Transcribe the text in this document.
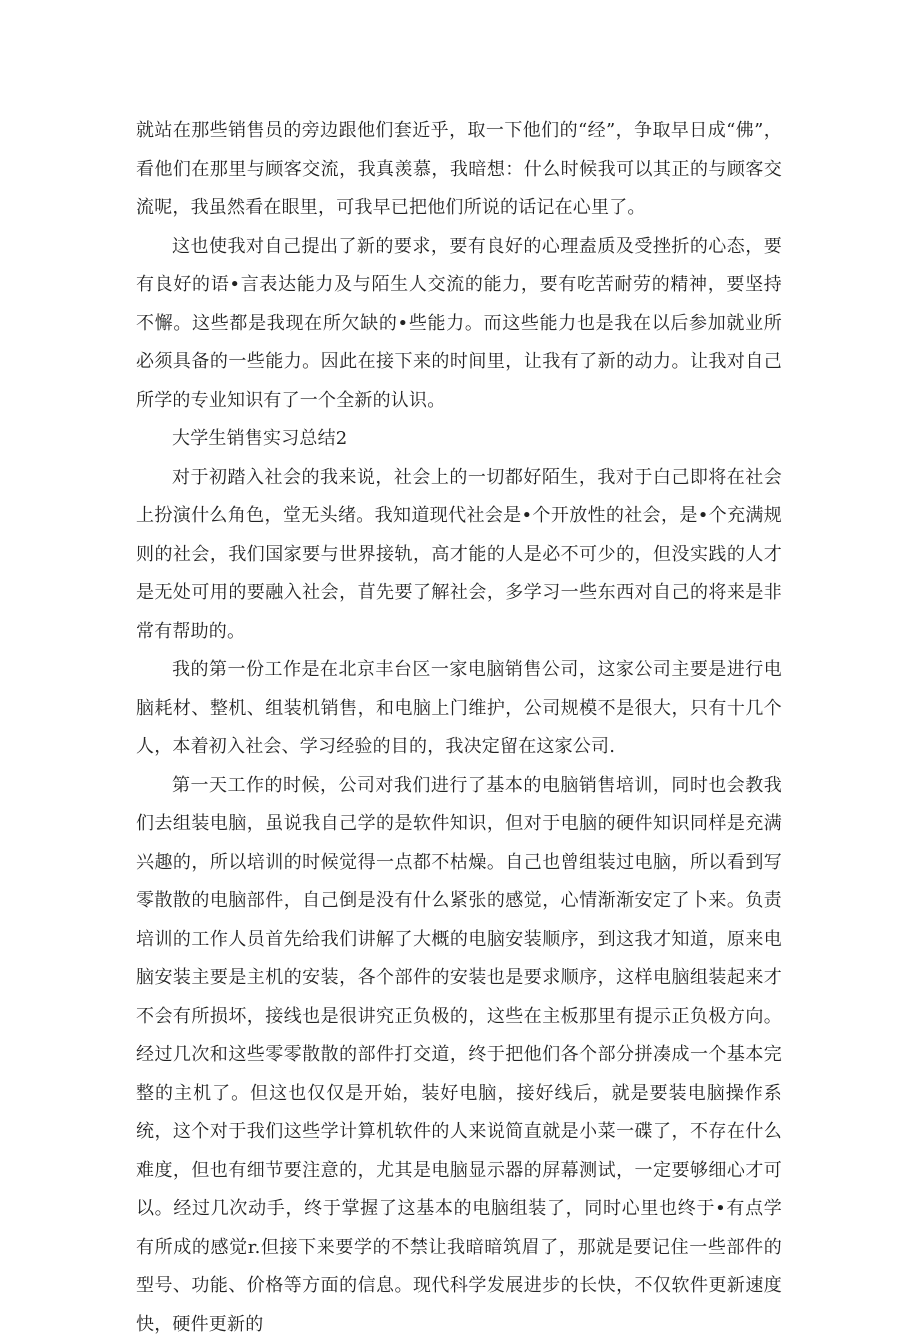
就站在那些销售员的旁边跟他们套近乎，取一下他们的“经”，争取早日成“佛”，看他们在那里与顾客交流，我真羡慕，我暗想：什么时候我可以其正的与顾客交流呢，我虽然看在眼里，可我早已把他们所说的话记在心里了。

这也使我对自己提出了新的要求，要有良好的心理盍质及受挫折的心态，要有良好的语•言表达能力及与陌生人交流的能力，要有吃苦耐劳的精神，要坚持不懈。这些都是我现在所欠缺的•些能力。而这些能力也是我在以后参加就业所必须具备的一些能力。因此在接下来的时间里，让我有了新的动力。让我对自己所学的专业知识有了一个全新的认识。

大学生销售实习总结2

对于初踏入社会的我来说，社会上的一切都好陌生，我对于白己即将在社会上扮演什么角色，堂无头绪。我知道现代社会是•个开放性的社会，是•个充满规则的社会，我们国家要与世界接轨，高才能的人是必不可少的，但没实践的人才是无处可用的要融入社会，苜先要了解社会，多学习一些东西对自己的将来是非常有帮助的。

我的第一份工作是在北京丰台区一家电脑销售公司，这家公司主要是进行电脑耗材、整机、组装机销售，和电脑上门维护，公司规模不是很大，只有十几个人，本着初入社会、学习经验的目的，我决定留在这家公司.

第一天工作的时候，公司对我们进行了基本的电脑销售培训，同时也会教我们去组装电脑，虽说我自己学的是软件知识，但对于电脑的硬件知识同样是充满兴趣的，所以培训的时候觉得一点都不枯燥。自己也曾组装过电脑，所以看到写零散散的电脑部件，自己倒是没有什么紧张的感觉，心情渐渐安定了卜来。负责培训的工作人员首先给我们讲解了大概的电脑安装顺序，到这我才知道，原来电脑安装主要是主机的安装，各个部件的安装也是要求顺序，这样电脑组装起来才不会有所损坏，接线也是很讲究正负极的，这些在主板那里有提示正负极方向。经过几次和这些零零散散的部件打交道，终于把他们各个部分拼凑成一个基本完整的主机了。但这也仅仅是开始，装好电脑，接好线后，就是要装电脑操作系统，这个对于我们这些学计算机软件的人来说简直就是小菜一碟了，不存在什么难度，但也有细节要注意的，尤其是电脑显示器的屏幕测试，一定要够细心才可以。经过几次动手，终于掌握了这基本的电脑组装了，同时心里也终于•有点学有所成的感觉r.但接下来要学的不禁让我暗暗筑眉了，那就是要记住一些部件的型号、功能、价格等方面的信息。现代科学发展进步的长快，不仅软件更新速度快，硬件更新的
